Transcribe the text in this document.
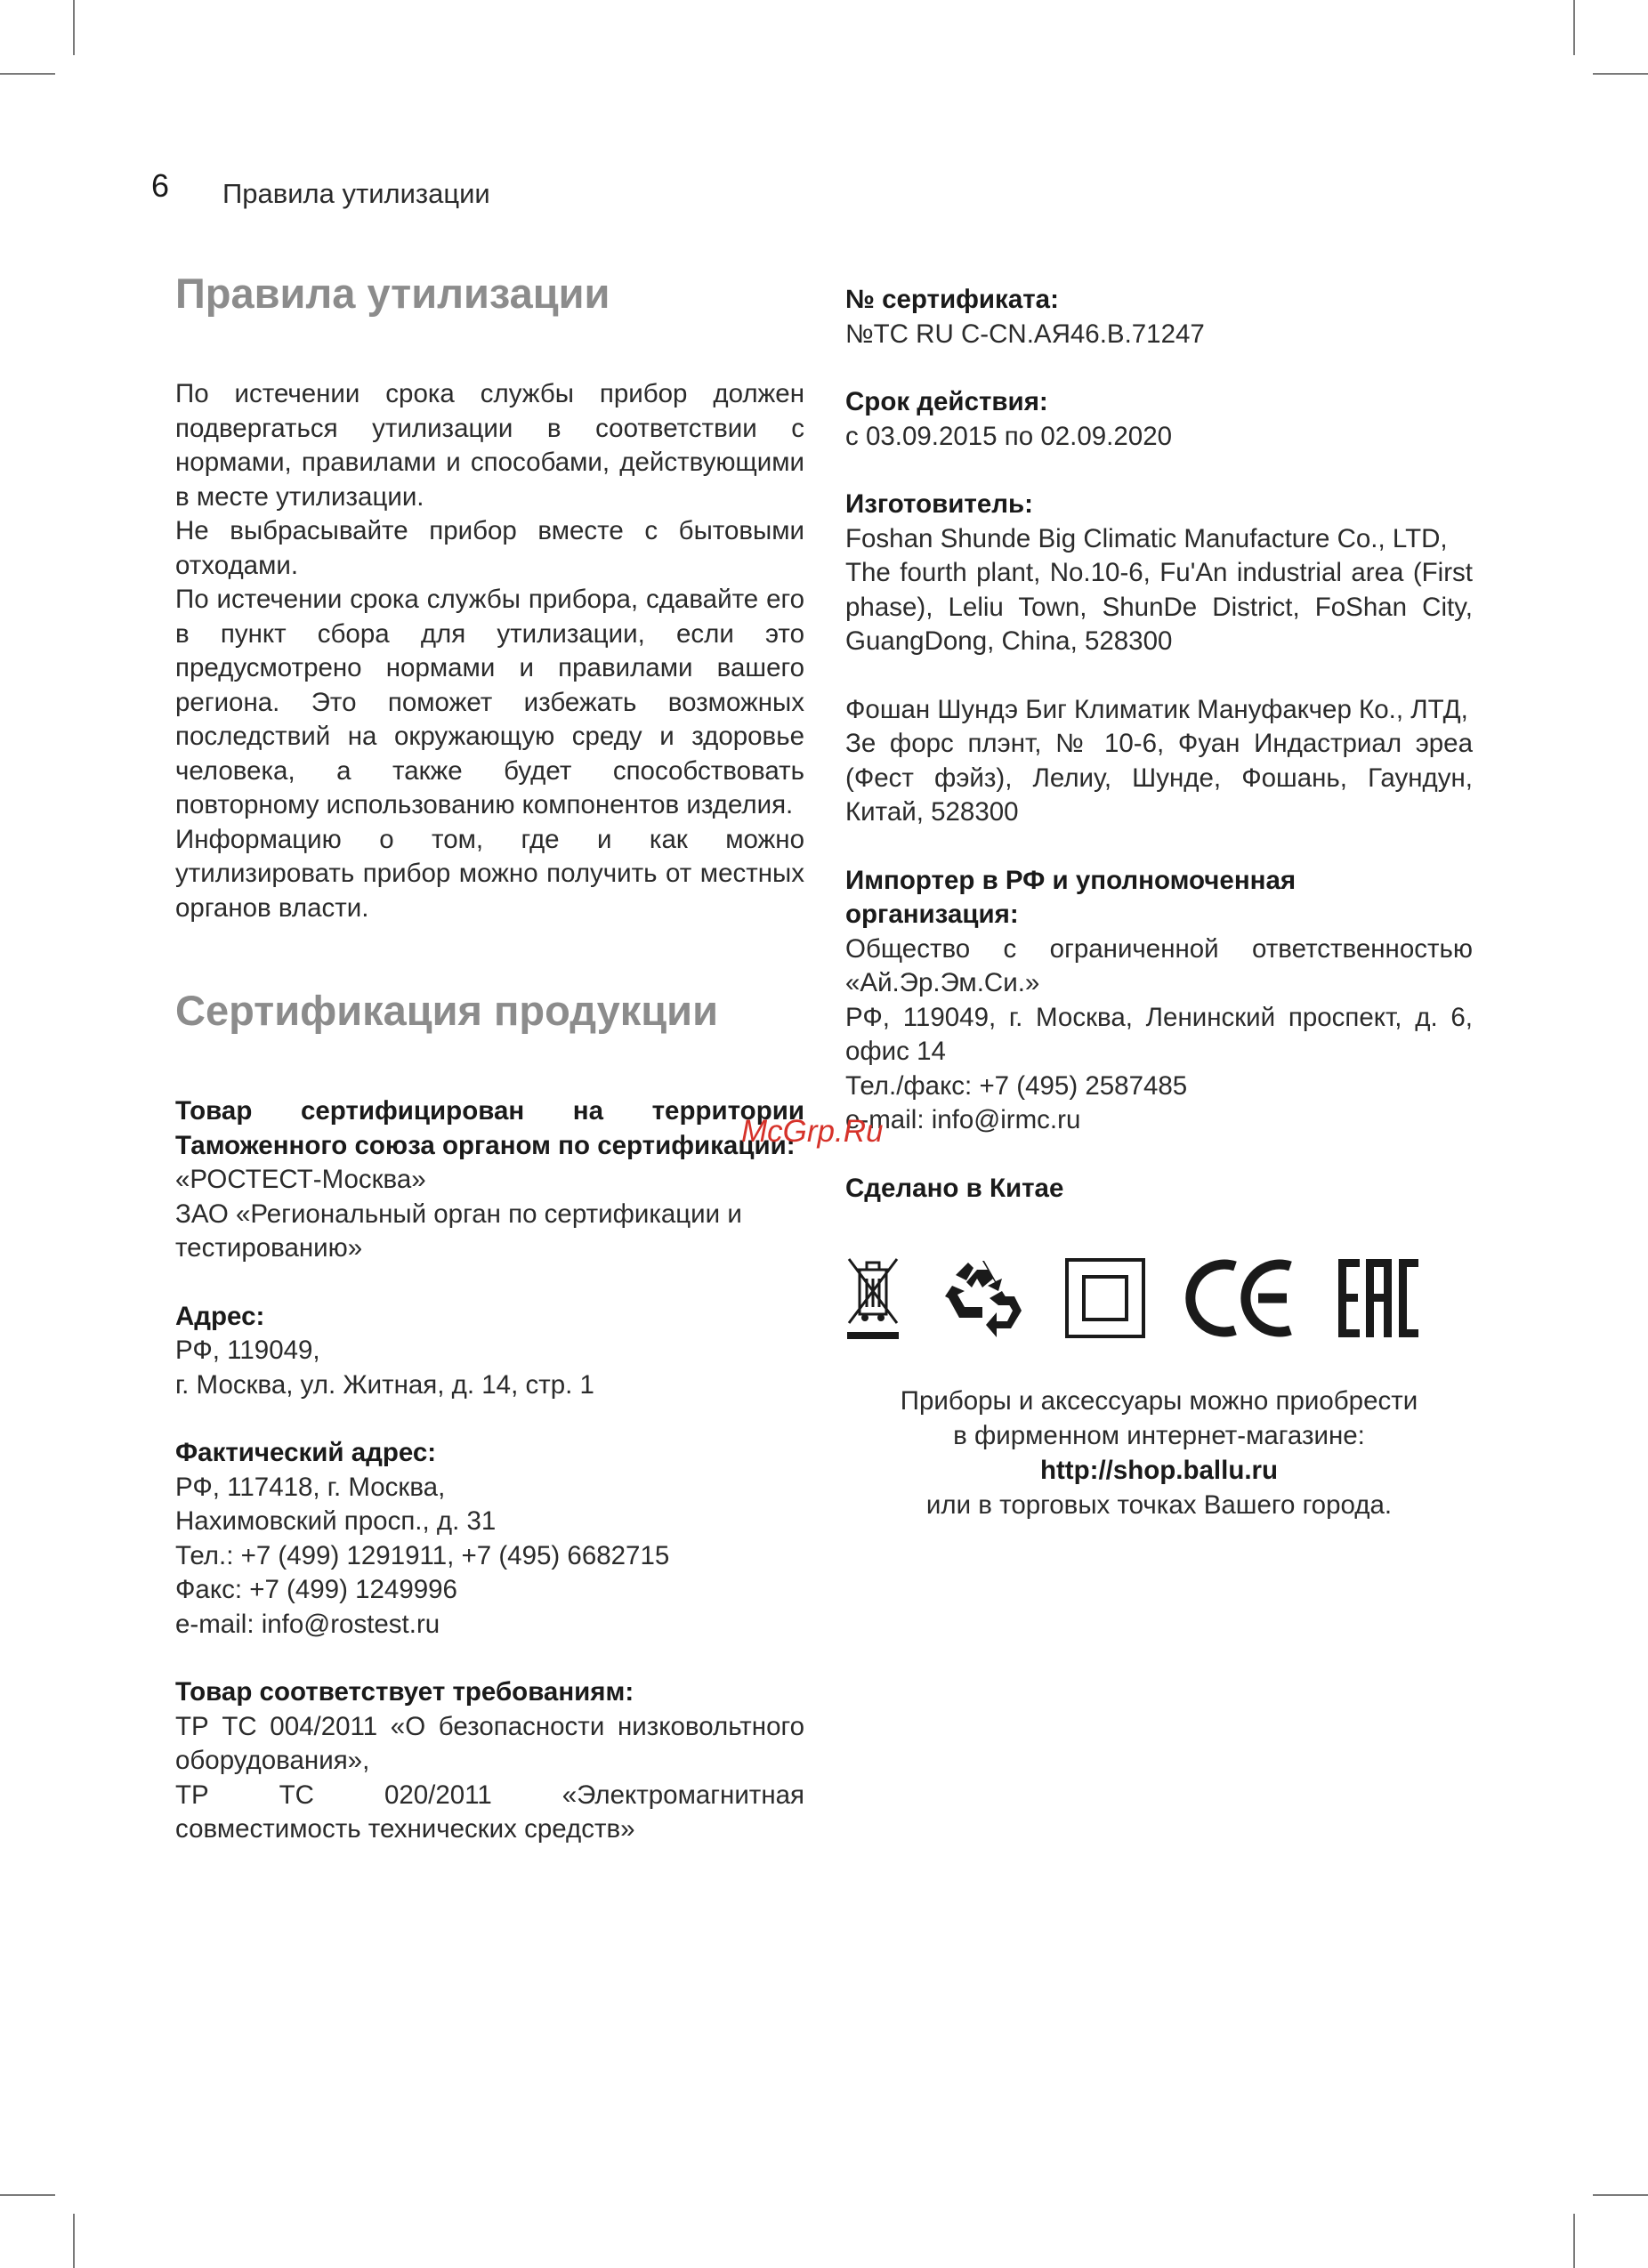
6 Правила утилизации
Правила утилизации

По истечении срока службы прибор должен подвергаться утилизации в соответствии с нормами, правилами и способами, действующими в месте утилизации.

Не выбрасывайте прибор вместе с бытовыми отходами.

По истечении срока службы прибора, сдавайте его в пункт сбора для утилизации, если это предусмотрено нормами и правилами вашего региона. Это поможет избежать возможных последствий на окружающую среду и здоровье человека, а также будет способствовать повторному использованию компонентов изделия.

Информацию о том, где и как можно утилизировать прибор можно получить от местных органов власти.

Сертификация продукции

Товар сертифицирован на территории Таможенного союза органом по сертификации:

«РОСТЕСТ-Москва»

ЗАО «Региональный орган по сертификации и тестированию»

Адрес:

РФ, 119049,

г. Москва, ул. Житная, д. 14, стр. 1

Фактический адрес:

РФ, 117418, г. Москва,

Нахимовский просп., д. 31

Тел.: +7 (499) 1291911, +7 (495) 6682715

Факс: +7 (499) 1249996

e-mail: info@rostest.ru

Товар соответствует требованиям:

ТР ТС 004/2011 «О безопасности низковольтного оборудования»,

ТР ТС 020/2011 «Электромагнитная совместимость технических средств»

№ сертификата:

№TC RU C-CN.АЯ46.В.71247

Срок действия:

с 03.09.2015 по 02.09.2020

Изготовитель:

Foshan Shunde Big Climatic Manufacture Co., LTD,

The fourth plant, No.10-6, Fu'An industrial area (First phase), Leliu Town, ShunDe District, FoShan City, GuangDong, China, 528300

Фошан Шундэ Биг Климатик Мануфакчер Ко., ЛТД,

Зе форс плэнт, № 10-6, Фуан Индастриал эреа (Фест фэйз), Лелиу, Шунде, Фошань, Гаундун, Китай, 528300

Импортер в РФ и уполномоченная организация:

Общество с ограниченной ответственностью «Ай.Эр.Эм.Си.»

РФ, 119049, г. Москва, Ленинский проспект, д. 6, офис 14

Тел./факс: +7 (495) 2587485

e-mail: info@irmc.ru

Сделано в Китае

Приборы и аксессуары можно приобрести
в фирменном интернет-магазине:
http://shop.ballu.ru
или в торговых точках Вашего города.
McGrp.Ru
